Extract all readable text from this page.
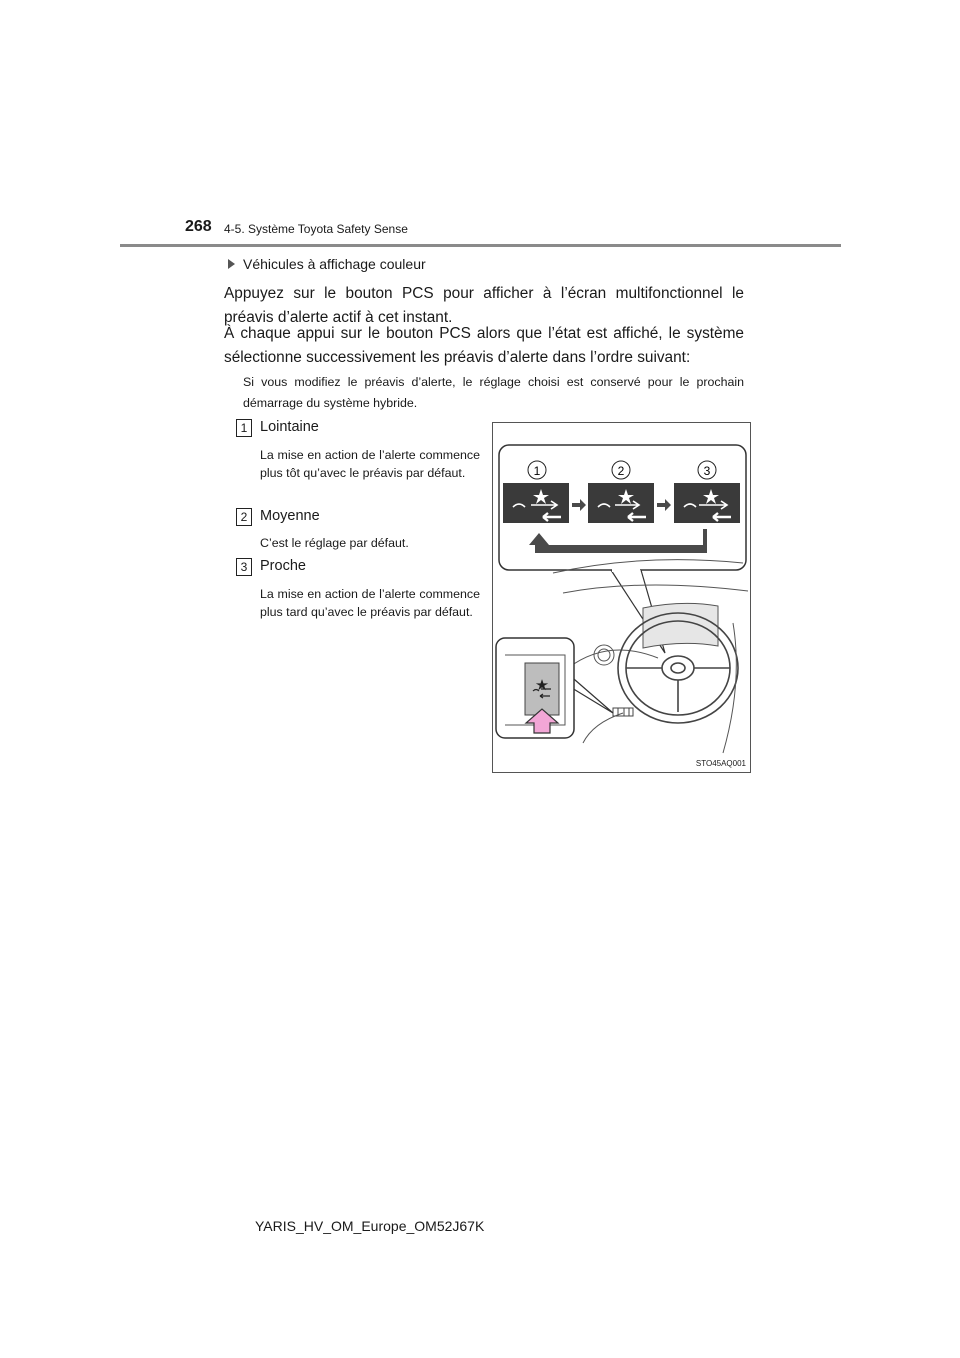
268 4-5. Système Toyota Safety Sense
Véhicules à affichage couleur
Appuyez sur le bouton PCS pour afficher à l’écran multifonctionnel le préavis d’alerte actif à cet instant.
À chaque appui sur le bouton PCS alors que l’état est affiché, le système sélectionne successivement les préavis d’alerte dans l’ordre suivant:
Si vous modifiez le préavis d’alerte, le réglage choisi est conservé pour le prochain démarrage du système hybride.
1 Lointaine
La mise en action de l’alerte commence plus tôt qu’avec le préavis par défaut.
2 Moyenne
C’est le réglage par défaut.
3 Proche
La mise en action de l’alerte commence plus tard qu’avec le préavis par défaut.
1	2	3
STO45AQ001
YARIS_HV_OM_Europe_OM52J67K
